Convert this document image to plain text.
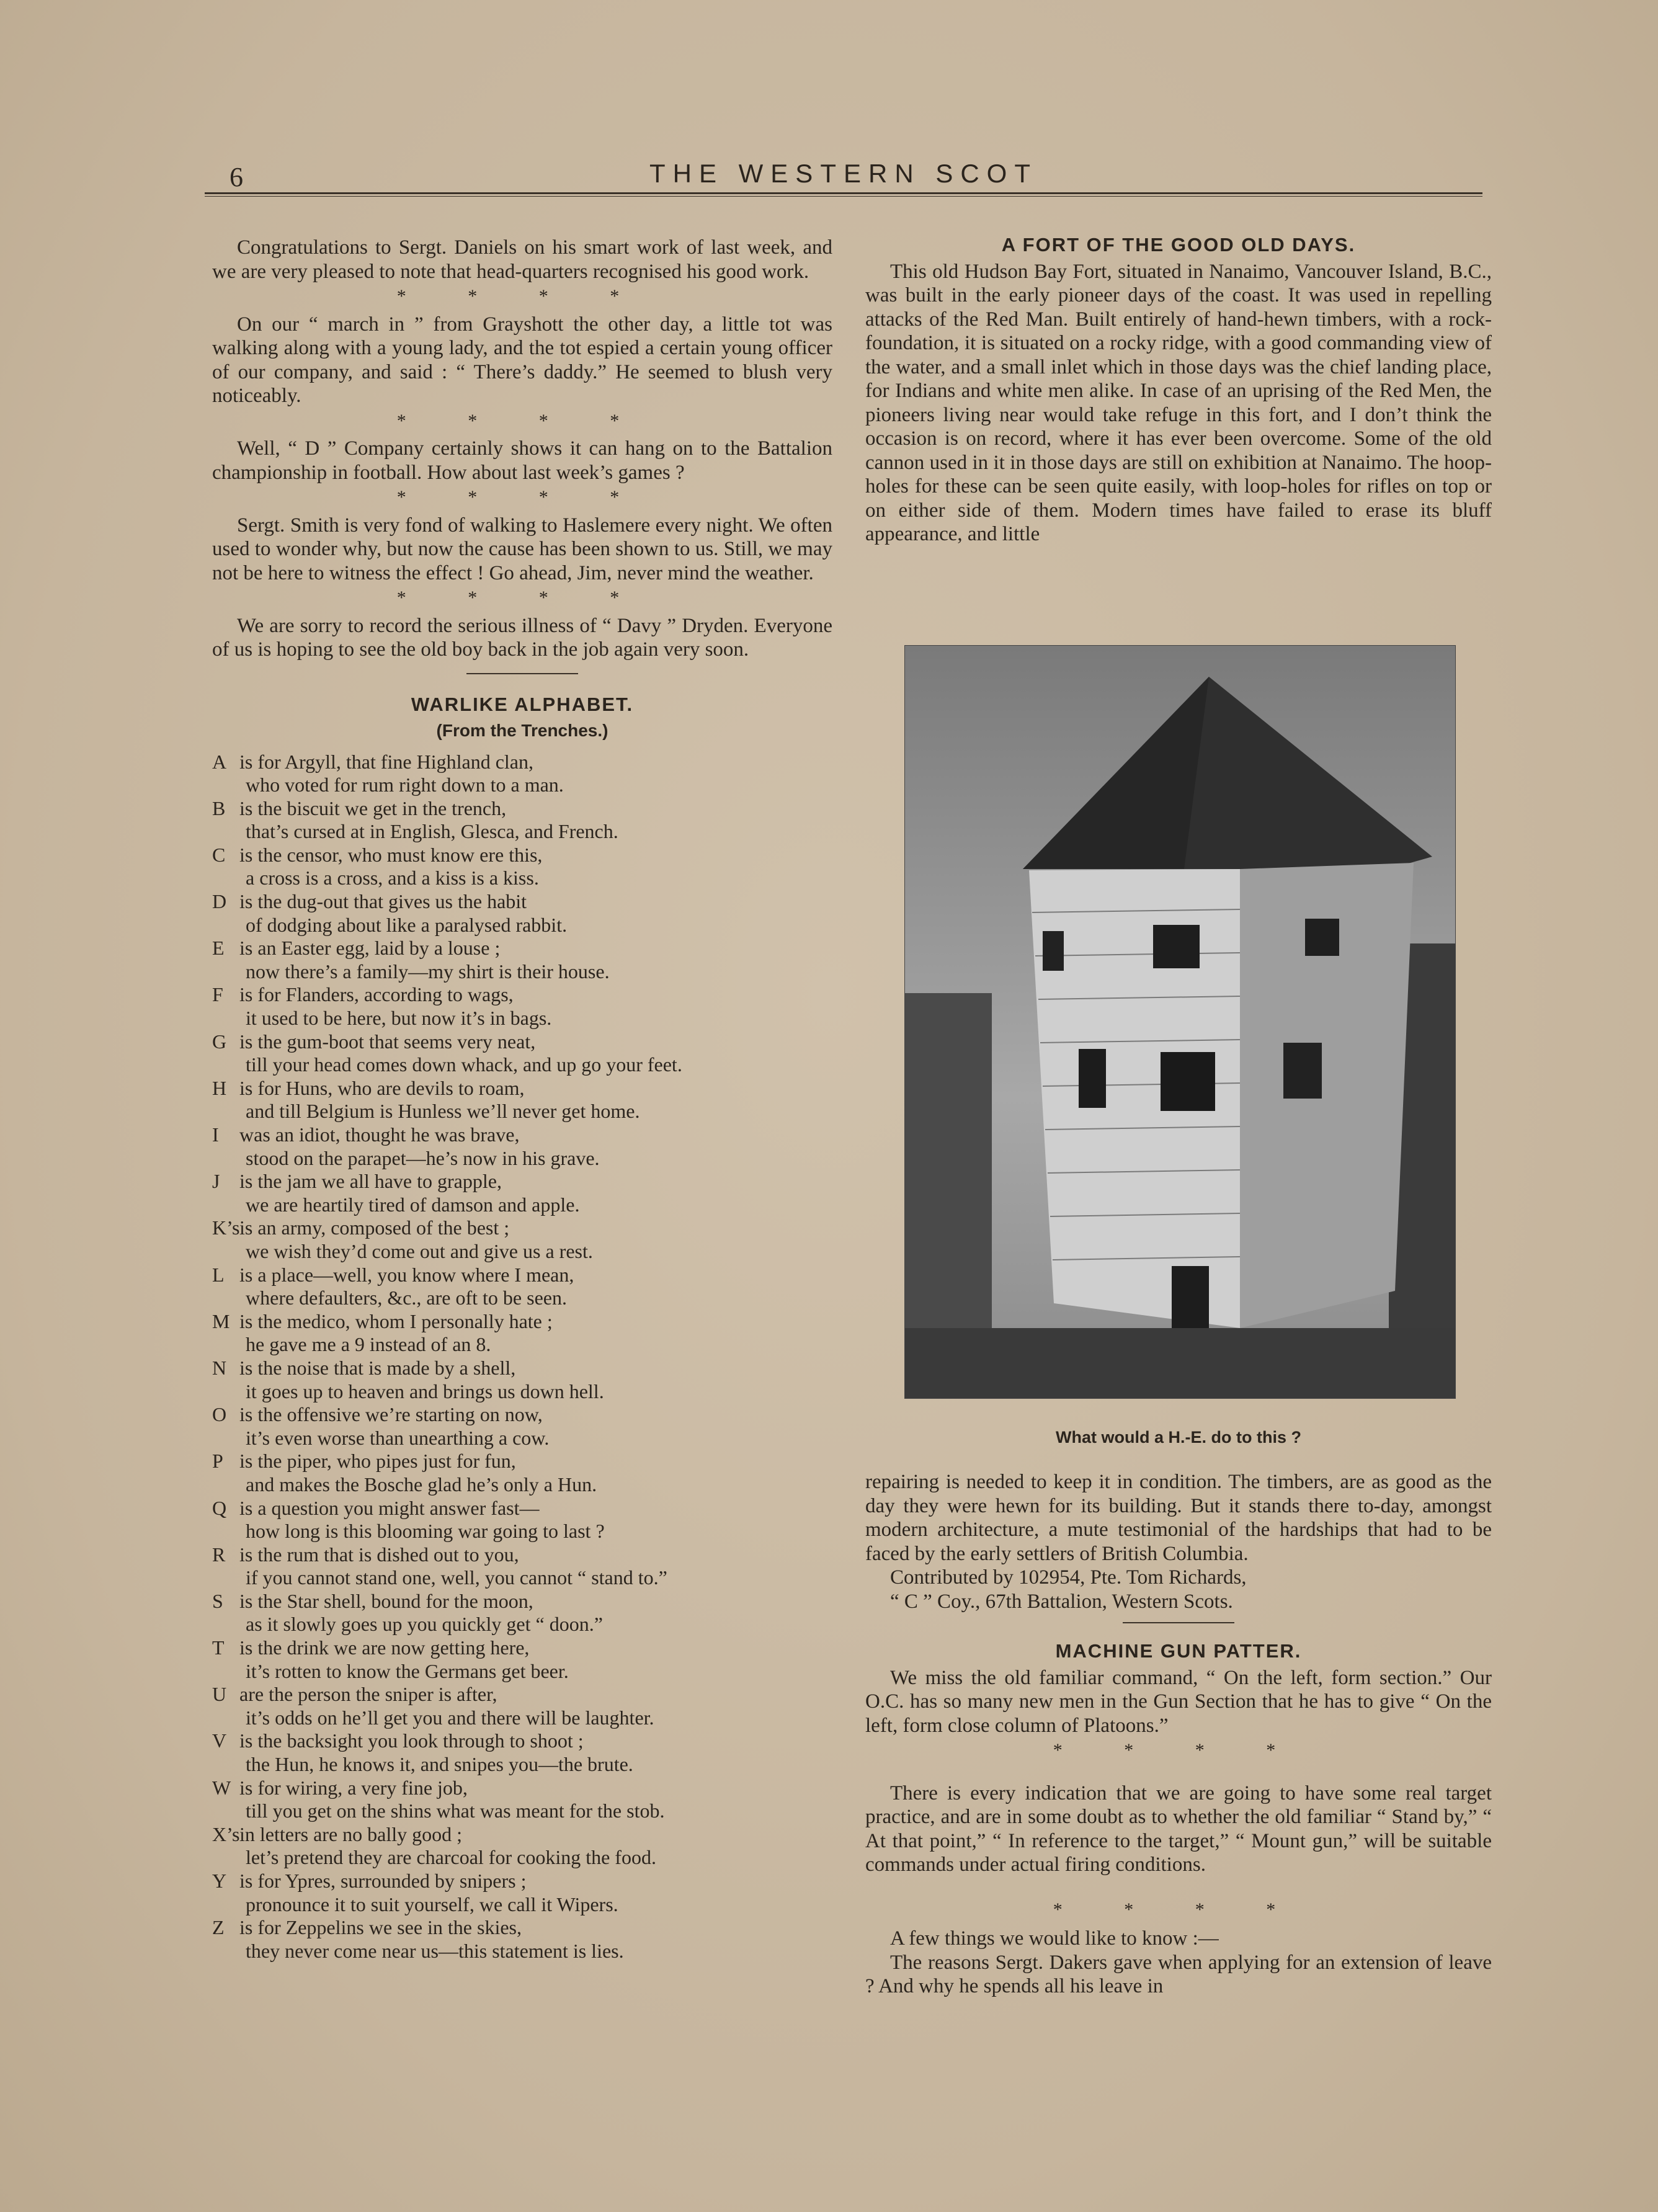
6	THE WESTERN SCOT

Congratulations to Sergt. Daniels on his smart work of last week, and we are very pleased to note that head-quarters recognised his good work.

* * * *

On our “ march in ” from Grayshott the other day, a little tot was walking along with a young lady, and the tot espied a certain young officer of our company, and said : “ There’s daddy.” He seemed to blush very noticeably.

* * * *

Well, “ D ” Company certainly shows it can hang on to the Battalion championship in football. How about last week’s games ?

* * * *

Sergt. Smith is very fond of walking to Haslemere every night. We often used to wonder why, but now the cause has been shown to us. Still, we may not be here to witness the effect ! Go ahead, Jim, never mind the weather.

* * * *

We are sorry to record the serious illness of “ Davy ” Dryden. Everyone of us is hoping to see the old boy back in the job again very soon.

WARLIKE ALPHABET.
(From the Trenches.)
A is for Argyll, that fine Highland clan,
who voted for rum right down to a man.
B is the biscuit we get in the trench,
that’s cursed at in English, Glesca, and French.
C is the censor, who must know ere this,
a cross is a cross, and a kiss is a kiss.
D is the dug-out that gives us the habit
of dodging about like a paralysed rabbit.
E is an Easter egg, laid by a louse ;
now there’s a family—my shirt is their house.
F is for Flanders, according to wags,
it used to be here, but now it’s in bags.
G is the gum-boot that seems very neat,
till your head comes down whack, and up go your feet.
H is for Huns, who are devils to roam,
and till Belgium is Hunless we’ll never get home.
I was an idiot, thought he was brave,
stood on the parapet—he’s now in his grave.
J is the jam we all have to grapple,
we are heartily tired of damson and apple.
K’s is an army, composed of the best ;
we wish they’d come out and give us a rest.
L is a place—well, you know where I mean,
where defaulters, &c., are oft to be seen.
M is the medico, whom I personally hate ;
he gave me a 9 instead of an 8.
N is the noise that is made by a shell,
it goes up to heaven and brings us down hell.
O is the offensive we’re starting on now,
it’s even worse than unearthing a cow.
P is the piper, who pipes just for fun,
and makes the Bosche glad he’s only a Hun.
Q is a question you might answer fast—
how long is this blooming war going to last ?
R is the rum that is dished out to you,
if you cannot stand one, well, you cannot “ stand to.”
S is the Star shell, bound for the moon,
as it slowly goes up you quickly get “ doon.”
T is the drink we are now getting here,
it’s rotten to know the Germans get beer.
U are the person the sniper is after,
it’s odds on he’ll get you and there will be laughter.
V is the backsight you look through to shoot ;
the Hun, he knows it, and snipes you—the brute.
W is for wiring, a very fine job,
till you get on the shins what was meant for the stob.
X’s in letters are no bally good ;
let’s pretend they are charcoal for cooking the food.
Y is for Ypres, surrounded by snipers ;
pronounce it to suit yourself, we call it Wipers.
Z is for Zeppelins we see in the skies,
they never come near us—this statement is lies.
A FORT OF THE GOOD OLD DAYS.

This old Hudson Bay Fort, situated in Nanaimo, Vancouver Island, B.C., was built in the early pioneer days of the coast. It was used in repelling attacks of the Red Man. Built entirely of hand-hewn timbers, with a rock-foundation, it is situated on a rocky ridge, with a good commanding view of the water, and a small inlet which in those days was the chief landing place, for Indians and white men alike. In case of an uprising of the Red Men, the pioneers living near would take refuge in this fort, and I don’t think the occasion is on record, where it has ever been overcome. Some of the old cannon used in it in those days are still on exhibition at Nanaimo. The hoop-holes for these can be seen quite easily, with loop-holes for rifles on top or on either side of them. Modern times have failed to erase its bluff appearance, and little

What would a H.-E. do to this ?

repairing is needed to keep it in condition. The timbers, are as good as the day they were hewn for its building. But it stands there to-day, amongst modern architecture, a mute testimonial of the hardships that had to be faced by the early settlers of British Columbia.

Contributed by 102954, Pte. Tom Richards,

“ C ” Coy., 67th Battalion, Western Scots.

MACHINE GUN PATTER.

We miss the old familiar command, “ On the left, form section.” Our O.C. has so many new men in the Gun Section that he has to give “ On the left, form close column of Platoons.”

* * * *

There is every indication that we are going to have some real target practice, and are in some doubt as to whether the old familiar “ Stand by,” “ At that point,” “ In reference to the target,” “ Mount gun,” will be suitable commands under actual firing conditions.

* * * *

A few things we would like to know :—

The reasons Sergt. Dakers gave when applying for an extension of leave ? And why he spends all his leave in
